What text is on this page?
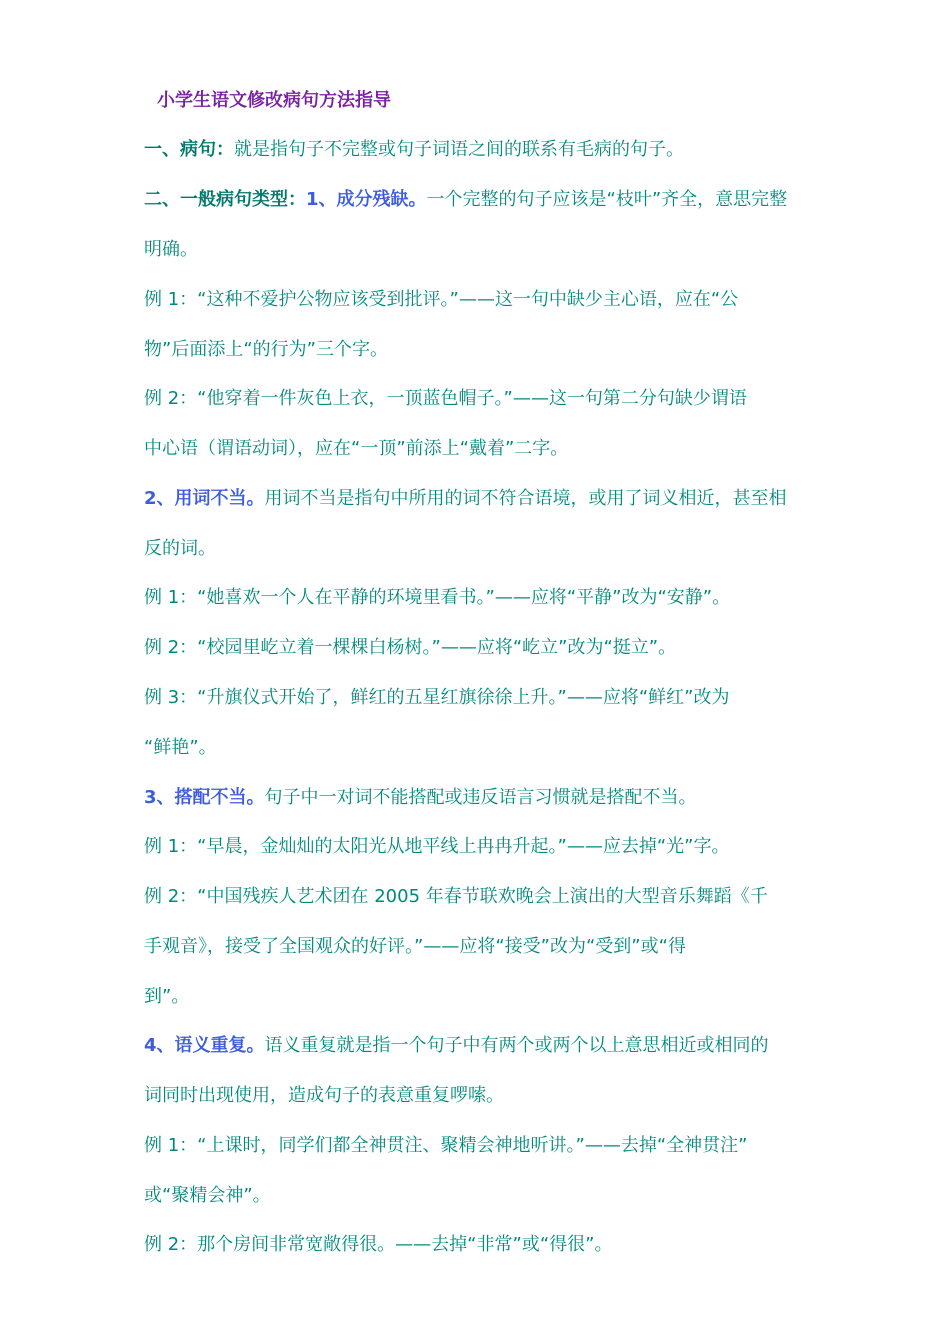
小学生语文修改病句方法指导
一、病句：就是指句子不完整或句子词语之间的联系有毛病的句子。
二、一般病句类型：1、成分残缺。一个完整的句子应该是“枝叶”齐全，意思完整
明确。
例 1：“这种不爱护公物应该受到批评。”——这一句中缺少主心语，应在“公
物”后面添上“的行为”三个字。
例 2：“他穿着一件灰色上衣，一顶蓝色帽子。”——这一句第二分句缺少谓语
中心语（谓语动词），应在“一顶”前添上“戴着”二字。
2、用词不当。用词不当是指句中所用的词不符合语境，或用了词义相近，甚至相
反的词。
例 1：“她喜欢一个人在平静的环境里看书。”——应将“平静”改为“安静”。
例 2：“校园里屹立着一棵棵白杨树。”——应将“屹立”改为“挺立”。
例 3：“升旗仪式开始了，鲜红的五星红旗徐徐上升。”——应将“鲜红”改为
“鲜艳”。
3、搭配不当。句子中一对词不能搭配或违反语言习惯就是搭配不当。
例 1：“早晨，金灿灿的太阳光从地平线上冉冉升起。”——应去掉“光”字。
例 2：“中国残疾人艺术团在 2005 年春节联欢晚会上演出的大型音乐舞蹈《千
手观音》，接受了全国观众的好评。”——应将“接受”改为“受到”或“得
到”。
4、语义重复。语义重复就是指一个句子中有两个或两个以上意思相近或相同的
词同时出现使用，造成句子的表意重复啰嗦。
例 1：“上课时，同学们都全神贯注、聚精会神地听讲。”——去掉“全神贯注”
或“聚精会神”。
例 2：那个房间非常宽敞得很。——去掉“非常”或“得很”。
